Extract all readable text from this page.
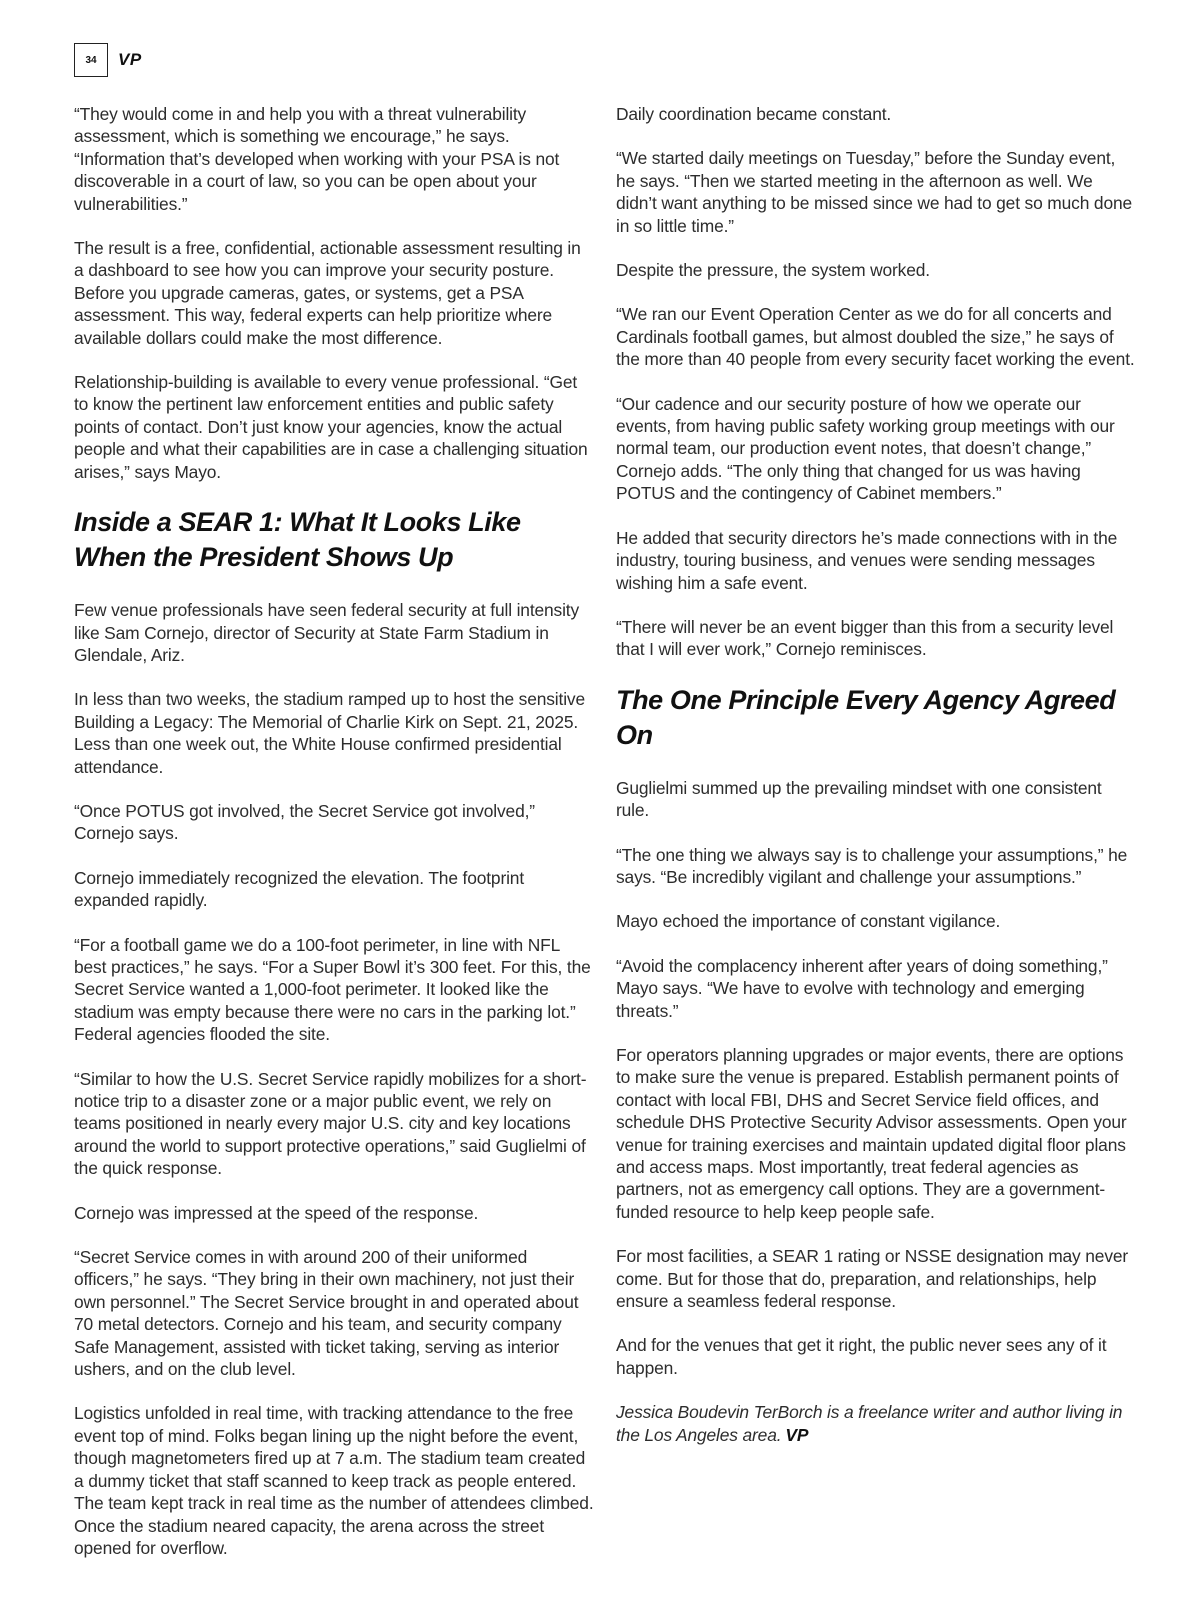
34	VP

“They would come in and help you with a threat vulnerability assessment, which is something we encourage,” he says. “Information that’s developed when working with your PSA is not discoverable in a court of law, so you can be open about your vulnerabilities.”

The result is a free, confidential, actionable assessment resulting in a dashboard to see how you can improve your security posture. Before you upgrade cameras, gates, or systems, get a PSA assessment. This way, federal experts can help prioritize where available dollars could make the most difference.

Relationship-building is available to every venue professional. “Get to know the pertinent law enforcement entities and public safety points of contact. Don’t just know your agencies, know the actual people and what their capabilities are in case a challenging situation arises,” says Mayo.

Inside a SEAR 1: What It Looks Like When the President Shows Up

Few venue professionals have seen federal security at full intensity like Sam Cornejo, director of Security at State Farm Stadium in Glendale, Ariz.

In less than two weeks, the stadium ramped up to host the sensitive Building a Legacy: The Memorial of Charlie Kirk on Sept. 21, 2025. Less than one week out, the White House confirmed presidential attendance.

“Once POTUS got involved, the Secret Service got involved,” Cornejo says.

Cornejo immediately recognized the elevation. The footprint expanded rapidly.

“For a football game we do a 100-foot perimeter, in line with NFL best practices,” he says. “For a Super Bowl it’s 300 feet. For this, the Secret Service wanted a 1,000-foot perimeter. It looked like the stadium was empty because there were no cars in the parking lot.” Federal agencies flooded the site.

“Similar to how the U.S. Secret Service rapidly mobilizes for a short-notice trip to a disaster zone or a major public event, we rely on teams positioned in nearly every major U.S. city and key locations around the world to support protective operations,” said Guglielmi of the quick response.

Cornejo was impressed at the speed of the response.

“Secret Service comes in with around 200 of their uniformed officers,” he says. “They bring in their own machinery, not just their own personnel.” The Secret Service brought in and operated about 70 metal detectors. Cornejo and his team, and security company Safe Management, assisted with ticket taking, serving as interior ushers, and on the club level.

Logistics unfolded in real time, with tracking attendance to the free event top of mind. Folks began lining up the night before the event, though magnetometers fired up at 7 a.m. The stadium team created a dummy ticket that staff scanned to keep track as people entered. The team kept track in real time as the number of attendees climbed. Once the stadium neared capacity, the arena across the street opened for overflow.

Daily coordination became constant.

“We started daily meetings on Tuesday,” before the Sunday event, he says. “Then we started meeting in the afternoon as well. We didn’t want anything to be missed since we had to get so much done in so little time.”

Despite the pressure, the system worked.

“We ran our Event Operation Center as we do for all concerts and Cardinals football games, but almost doubled the size,” he says of the more than 40 people from every security facet working the event.

“Our cadence and our security posture of how we operate our events, from having public safety working group meetings with our normal team, our production event notes, that doesn’t change,” Cornejo adds. “The only thing that changed for us was having POTUS and the contingency of Cabinet members.”

He added that security directors he’s made connections with in the industry, touring business, and venues were sending messages wishing him a safe event.

“There will never be an event bigger than this from a security level that I will ever work,” Cornejo reminisces.

The One Principle Every Agency Agreed On

Guglielmi summed up the prevailing mindset with one consistent rule.

“The one thing we always say is to challenge your assumptions,” he says. “Be incredibly vigilant and challenge your assumptions.”

Mayo echoed the importance of constant vigilance.

“Avoid the complacency inherent after years of doing something,” Mayo says. “We have to evolve with technology and emerging threats.”

For operators planning upgrades or major events, there are options to make sure the venue is prepared. Establish permanent points of contact with local FBI, DHS and Secret Service field offices, and schedule DHS Protective Security Advisor assessments. Open your venue for training exercises and maintain updated digital floor plans and access maps. Most importantly, treat federal agencies as partners, not as emergency call options. They are a government-funded resource to help keep people safe.

For most facilities, a SEAR 1 rating or NSSE designation may never come. But for those that do, preparation, and relationships, help ensure a seamless federal response.

And for the venues that get it right, the public never sees any of it happen.

Jessica Boudevin TerBorch is a freelance writer and author living in the Los Angeles area. VP
